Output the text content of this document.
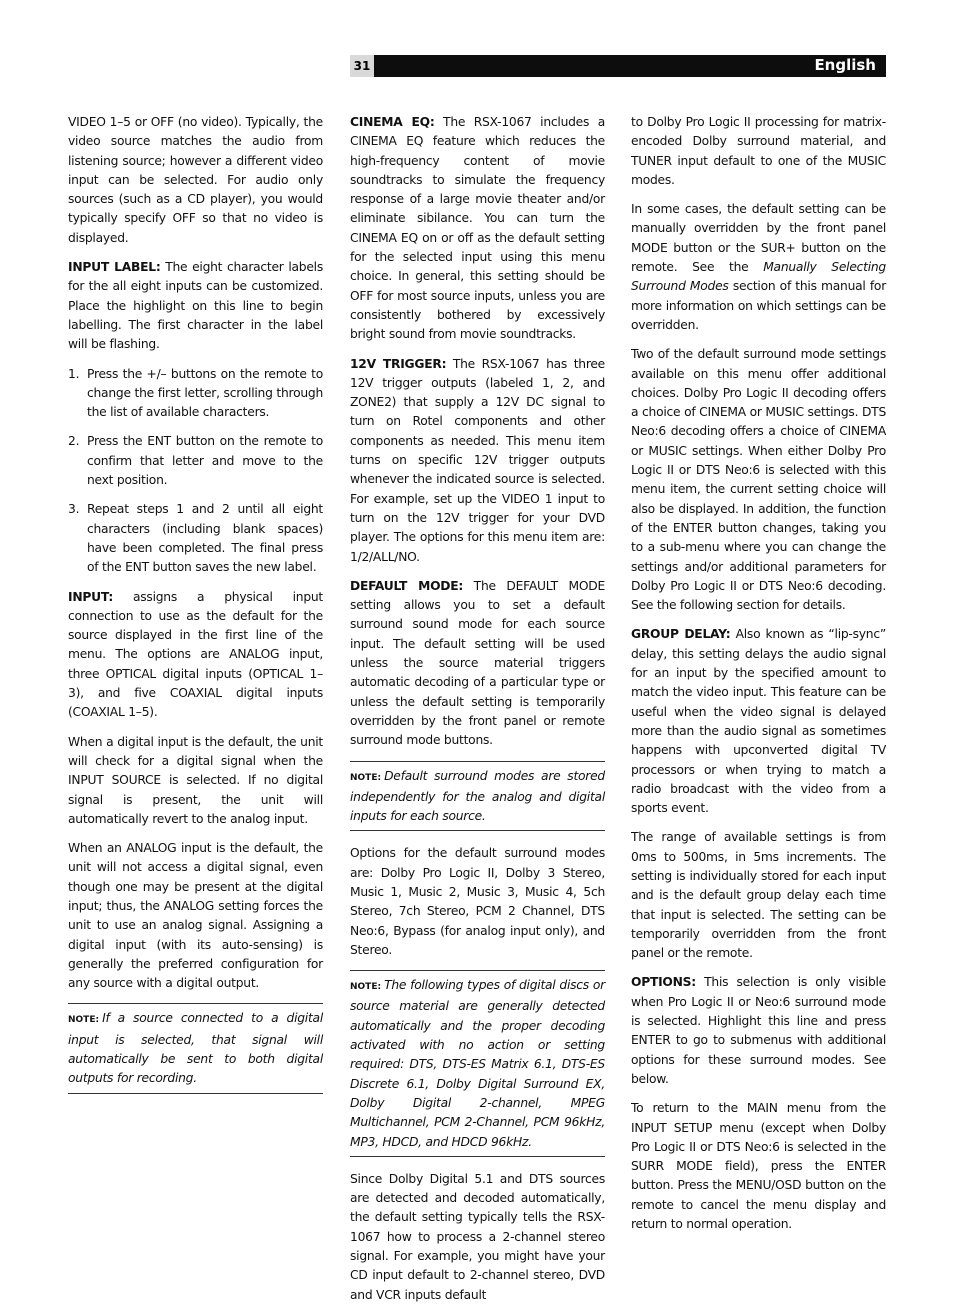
31	English

VIDEO 1–5 or OFF (no video). Typically, the video source matches the audio from listening source; however a different video input can be selected. For audio only sources (such as a CD player), you would typically specify OFF so that no video is displayed.

INPUT LABEL: The eight character labels for the all eight inputs can be customized. Place the highlight on this line to begin labelling. The first character in the label will be flashing.

1. Press the +/– buttons on the remote to change the first letter, scrolling through the list of available characters.
2. Press the ENT button on the remote to confirm that letter and move to the next position.
3. Repeat steps 1 and 2 until all eight characters (including blank spaces) have been completed. The final press of the ENT button saves the new label.

INPUT: assigns a physical input connection to use as the default for the source displayed in the first line of the menu. The options are ANALOG input, three OPTICAL digital inputs (OPTICAL 1–3), and five COAXIAL digital inputs (COAXIAL 1–5).

When a digital input is the default, the unit will check for a digital signal when the INPUT SOURCE is selected. If no digital signal is present, the unit will automatically revert to the analog input.

When an ANALOG input is the default, the unit will not access a digital signal, even though one may be present at the digital input; thus, the ANALOG setting forces the unit to use an analog signal. Assigning a digital input (with its auto-sensing) is generally the preferred configuration for any source with a digital output.

NOTE: If a source connected to a digital input is selected, that signal will automatically be sent to both digital outputs for recording.

CINEMA EQ: The RSX-1067 includes a CINEMA EQ feature which reduces the high-frequency content of movie soundtracks to simulate the frequency response of a large movie theater and/or eliminate sibilance. You can turn the CINEMA EQ on or off as the default setting for the selected input using this menu choice. In general, this setting should be OFF for most source inputs, unless you are consistently bothered by excessively bright sound from movie soundtracks.

12V TRIGGER: The RSX-1067 has three 12V trigger outputs (labeled 1, 2, and ZONE2) that supply a 12V DC signal to turn on Rotel components and other components as needed. This menu item turns on specific 12V trigger outputs whenever the indicated source is selected. For example, set up the VIDEO 1 input to turn on the 12V trigger for your DVD player. The options for this menu item are: 1/2/ALL/NO.

DEFAULT MODE: The DEFAULT MODE setting allows you to set a default surround sound mode for each source input. The default setting will be used unless the source material triggers automatic decoding of a particular type or unless the default setting is temporarily overridden by the front panel or remote surround mode buttons.

NOTE: Default surround modes are stored independently for the analog and digital inputs for each source.

Options for the default surround modes are: Dolby Pro Logic II, Dolby 3 Stereo, Music 1, Music 2, Music 3, Music 4, 5ch Stereo, 7ch Stereo, PCM 2 Channel, DTS Neo:6, Bypass (for analog input only), and Stereo.

NOTE: The following types of digital discs or source material are generally detected automatically and the proper decoding activated with no action or setting required: DTS, DTS-ES Matrix 6.1, DTS-ES Discrete 6.1, Dolby Digital Surround EX, Dolby Digital 2-channel, MPEG Multichannel, PCM 2-Channel, PCM 96kHz, MP3, HDCD, and HDCD 96kHz.

Since Dolby Digital 5.1 and DTS sources are detected and decoded automatically, the default setting typically tells the RSX-1067 how to process a 2-channel stereo signal. For example, you might have your CD input default to 2-channel stereo, DVD and VCR inputs default

to Dolby Pro Logic II processing for matrix-encoded Dolby surround material, and TUNER input default to one of the MUSIC modes.

In some cases, the default setting can be manually overridden by the front panel MODE button or the SUR+ button on the remote. See the Manually Selecting Surround Modes section of this manual for more information on which settings can be overridden.

Two of the default surround mode settings available on this menu offer additional choices. Dolby Pro Logic II decoding offers a choice of CINEMA or MUSIC settings. DTS Neo:6 decoding offers a choice of CINEMA or MUSIC settings. When either Dolby Pro Logic II or DTS Neo:6 is selected with this menu item, the current setting choice will also be displayed. In addition, the function of the ENTER button changes, taking you to a sub-menu where you can change the settings and/or additional parameters for Dolby Pro Logic II or DTS Neo:6 decoding. See the following section for details.

GROUP DELAY: Also known as “lip-sync” delay, this setting delays the audio signal for an input by the specified amount to match the video input. This feature can be useful when the video signal is delayed more than the audio signal as sometimes happens with upconverted digital TV processors or when trying to match a radio broadcast with the video from a sports event.

The range of available settings is from 0ms to 500ms, in 5ms increments. The setting is individually stored for each input and is the default group delay each time that input is selected. The setting can be temporarily overridden from the front panel or the remote.

OPTIONS: This selection is only visible when Pro Logic II or Neo:6 surround mode is selected. Highlight this line and press ENTER to go to submenus with additional options for these surround modes. See below.

To return to the MAIN menu from the INPUT SETUP menu (except when Dolby Pro Logic II or DTS Neo:6 is selected in the SURR MODE field), press the ENTER button. Press the MENU/OSD button on the remote to cancel the menu display and return to normal operation.
